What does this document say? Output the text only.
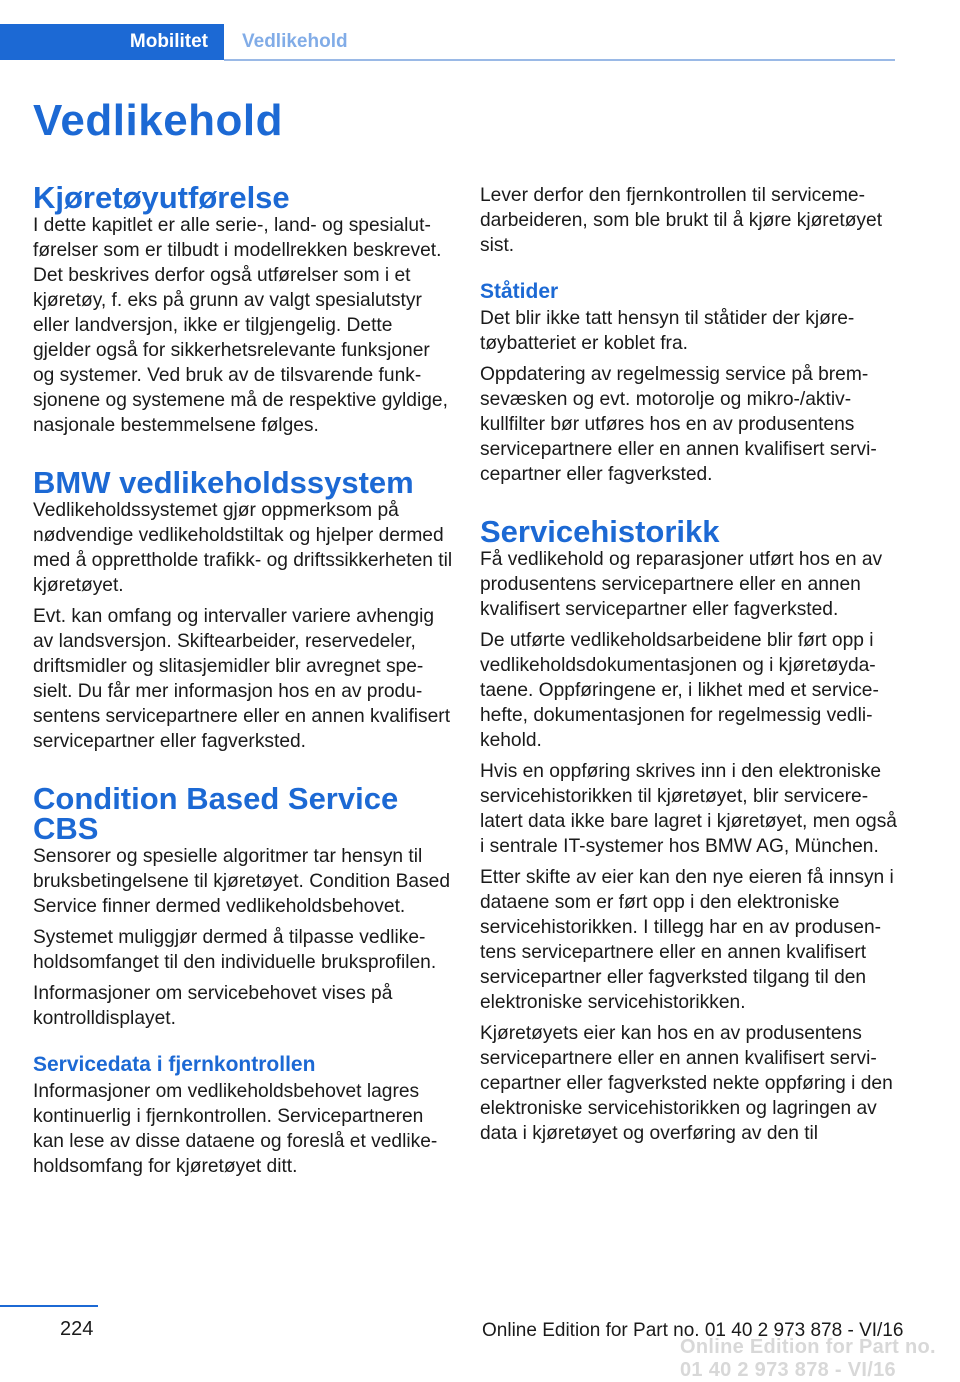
Mobilitet Vedlikehold
Vedlikehold
Kjøretøyutførelse

I dette kapitlet er alle serie-, land- og spesialutførelser som er tilbudt i modellrekken beskrevet. Det beskrives derfor også utførelser som i et kjøretøy, f. eks på grunn av valgt spesialutstyr eller landversjon, ikke er tilgjengelig. Dette gjelder også for sikkerhetsrelevante funksjoner og systemer. Ved bruk av de tilsvarende funksjonene og systemene må de respektive gyldige, nasjonale bestemmelsene følges.

BMW vedlikeholdssystem

Vedlikeholdssystemet gjør oppmerksom på nødvendige vedlikeholdstiltak og hjelper dermed med å opprettholde trafikk- og driftssikkerheten til kjøretøyet.

Evt. kan omfang og intervaller variere avhengig av landsversjon. Skiftearbeider, reservedeler, driftsmidler og slitasjemidler blir avregnet spesielt. Du får mer informasjon hos en av produsentens servicepartnere eller en annen kvalifisert servicepartner eller fagverksted.

Condition Based Service CBS

Sensorer og spesielle algoritmer tar hensyn til bruksbetingelsene til kjøretøyet. Condition Based Service finner dermed vedlikeholdsbehovet.

Systemet muliggjør dermed å tilpasse vedlikeholdsomfanget til den individuelle bruksprofilen.

Informasjoner om servicebehovet vises på kontrolldisplayet.

Servicedata i fjernkontrollen

Informasjoner om vedlikeholdsbehovet lagres kontinuerlig i fjernkontrollen. Servicepartneren kan lese av disse dataene og foreslå et vedlikeholdsomfang for kjøretøyet ditt.

Lever derfor den fjernkontrollen til servicemedarbeideren, som ble brukt til å kjøre kjøretøyet sist.

Ståtider

Det blir ikke tatt hensyn til ståtider der kjøretøybatteriet er koblet fra.

Oppdatering av regelmessig service på bremsevæsken og evt. motorolje og mikro-/aktivkullfilter bør utføres hos en av produsentens servicepartnere eller en annen kvalifisert servicepartner eller fagverksted.

Servicehistorikk

Få vedlikehold og reparasjoner utført hos en av produsentens servicepartnere eller en annen kvalifisert servicepartner eller fagverksted.

De utførte vedlikeholdsarbeidene blir ført opp i vedlikeholdsdokumentasjonen og i kjøretøydataene. Oppføringene er, i likhet med et servicehefte, dokumentasjonen for regelmessig vedlikehold.

Hvis en oppføring skrives inn i den elektroniske servicehistorikken til kjøretøyet, blir servicerelatert data ikke bare lagret i kjøretøyet, men også i sentrale IT-systemer hos BMW AG, München.

Etter skifte av eier kan den nye eieren få innsyn i dataene som er ført opp i den elektroniske servicehistorikken. I tillegg har en av produsentens servicepartnere eller en annen kvalifisert servicepartner eller fagverksted tilgang til den elektroniske servicehistorikken.

Kjøretøyets eier kan hos en av produsentens servicepartnere eller en annen kvalifisert servicepartner eller fagverksted nekte oppføring i den elektroniske servicehistorikken og lagringen av data i kjøretøyet og overføring av den til

224	Online Edition for Part no. 01 40 2 973 878 - VI/16
Online Edition for Part no. 01 40 2 973 878 - VI/16
